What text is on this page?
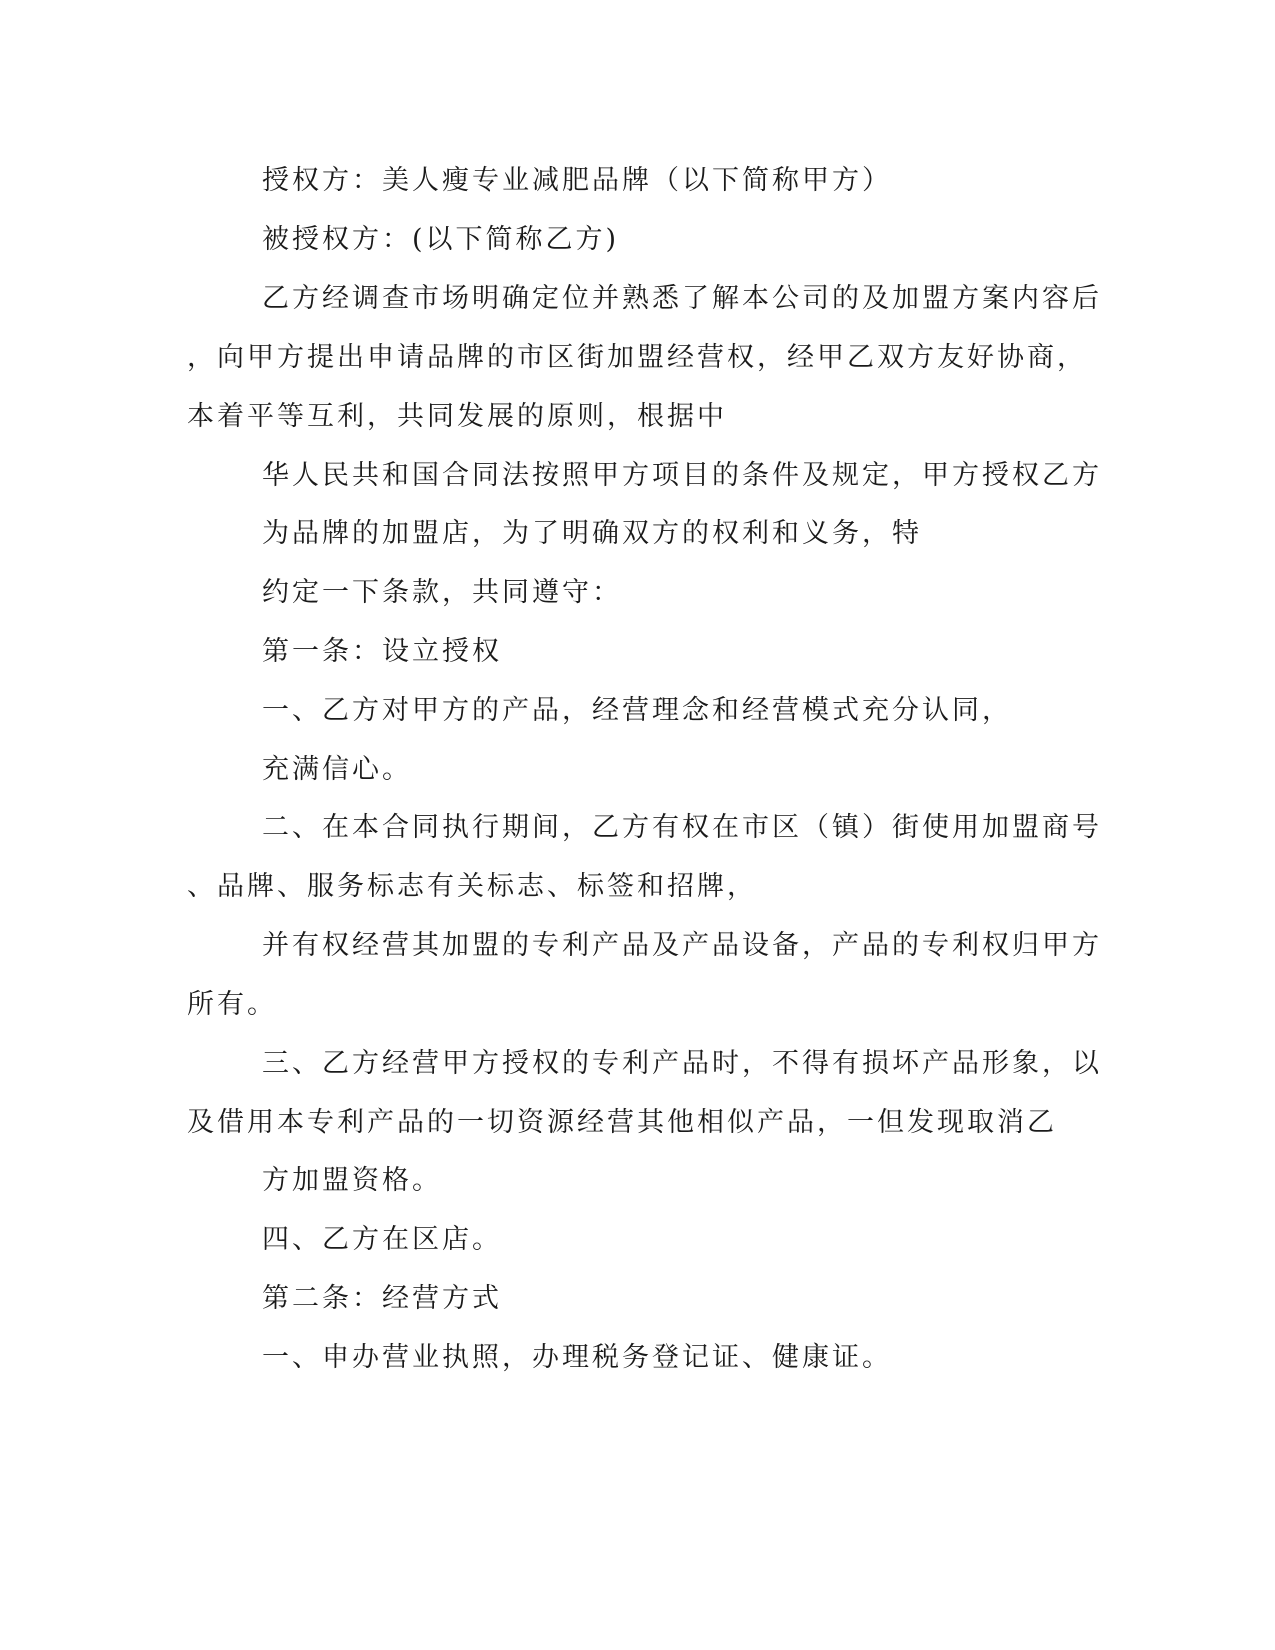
授权方：美人瘦专业减肥品牌（以下简称甲方）
被授权方：(以下简称乙方)
乙方经调查市场明确定位并熟悉了解本公司的及加盟方案内容后
，向甲方提出申请品牌的市区街加盟经营权，经甲乙双方友好协商，
本着平等互利，共同发展的原则，根据中
华人民共和国合同法按照甲方项目的条件及规定，甲方授权乙方
为品牌的加盟店，为了明确双方的权利和义务，特
约定一下条款，共同遵守：
第一条：设立授权
一、乙方对甲方的产品，经营理念和经营模式充分认同，
充满信心。
二、在本合同执行期间，乙方有权在市区（镇）街使用加盟商号
、品牌、服务标志有关标志、标签和招牌，
并有权经营其加盟的专利产品及产品设备，产品的专利权归甲方
所有。
三、乙方经营甲方授权的专利产品时，不得有损坏产品形象，以
及借用本专利产品的一切资源经营其他相似产品，一但发现取消乙
方加盟资格。
四、乙方在区店。
第二条：经营方式
一、申办营业执照，办理税务登记证、健康证。
